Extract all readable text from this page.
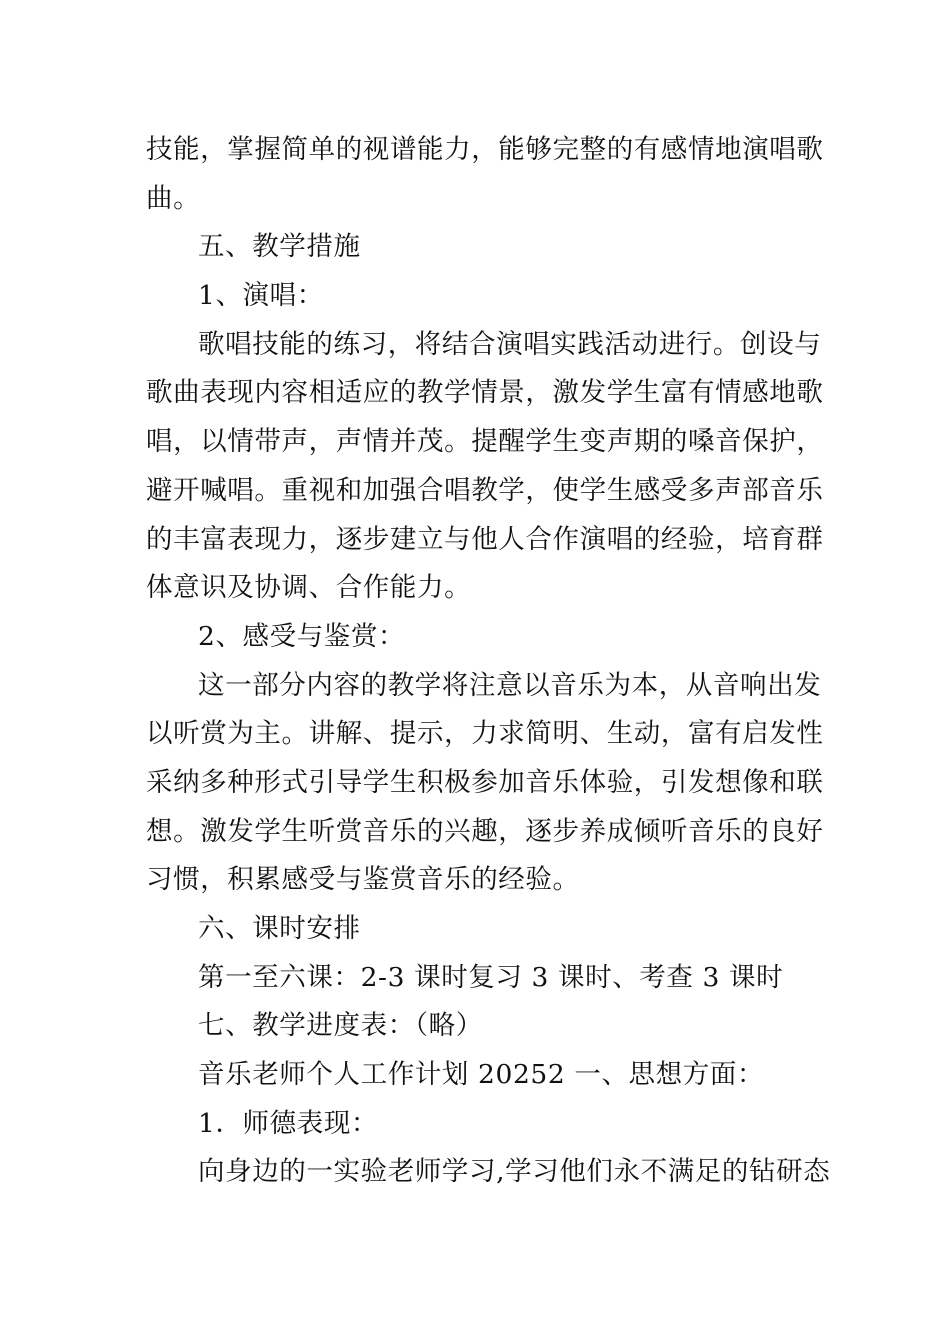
技能，掌握简单的视谱能力，能够完整的有感情地演唱歌
曲。
五、教学措施
1、演唱：
歌唱技能的练习，将结合演唱实践活动进行。创设与
歌曲表现内容相适应的教学情景，激发学生富有情感地歌
唱，以情带声，声情并茂。提醒学生变声期的嗓音保护，
避开喊唱。重视和加强合唱教学，使学生感受多声部音乐
的丰富表现力，逐步建立与他人合作演唱的经验，培育群
体意识及协调、合作能力。
2、感受与鉴赏：
这一部分内容的教学将注意以音乐为本，从音响出发
以听赏为主。讲解、提示，力求简明、生动，富有启发性
采纳多种形式引导学生积极参加音乐体验，引发想像和联
想。激发学生听赏音乐的兴趣，逐步养成倾听音乐的良好
习惯，积累感受与鉴赏音乐的经验。
六、课时安排
第一至六课：2-3 课时复习 3 课时、考查 3 课时
七、教学进度表：（略）
音乐老师个人工作计划 20252 一、思想方面：
1．师德表现：
向身边的一实验老师学习,学习他们永不满足的钻研态
